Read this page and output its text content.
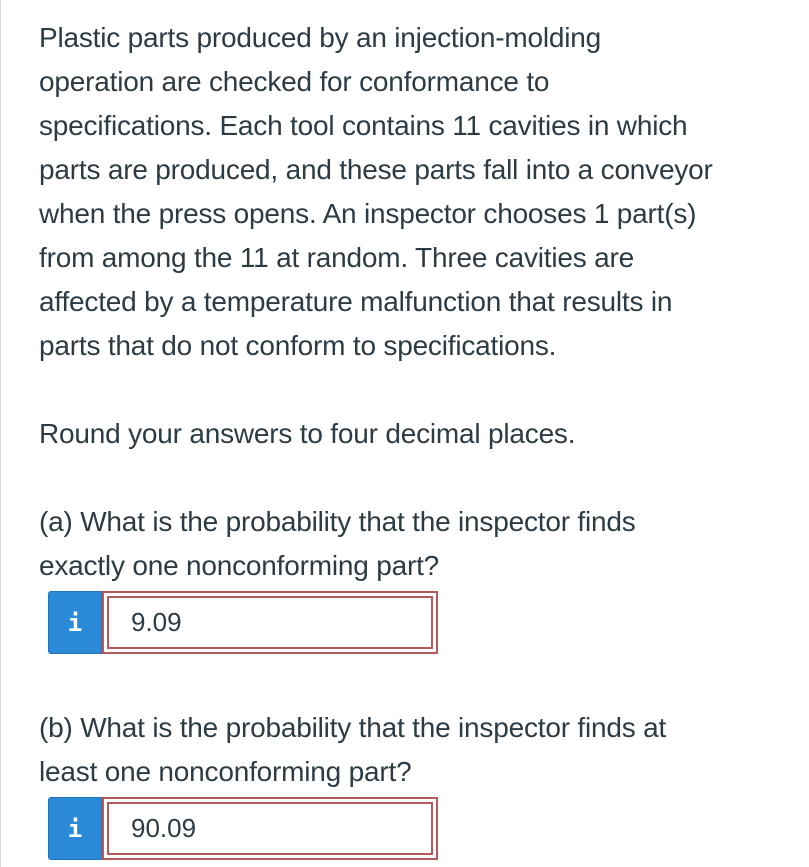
Plastic parts produced by an injection-molding
operation are checked for conformance to
specifications. Each tool contains 11 cavities in which
parts are produced, and these parts fall into a conveyor
when the press opens. An inspector chooses 1 part(s)
from among the 11 at random. Three cavities are
affected by a temperature malfunction that results in
parts that do not conform to specifications.

Round your answers to four decimal places.

(a) What is the probability that the inspector finds
exactly one nonconforming part?

i
9.09

(b) What is the probability that the inspector finds at
least one nonconforming part?

i
90.09
